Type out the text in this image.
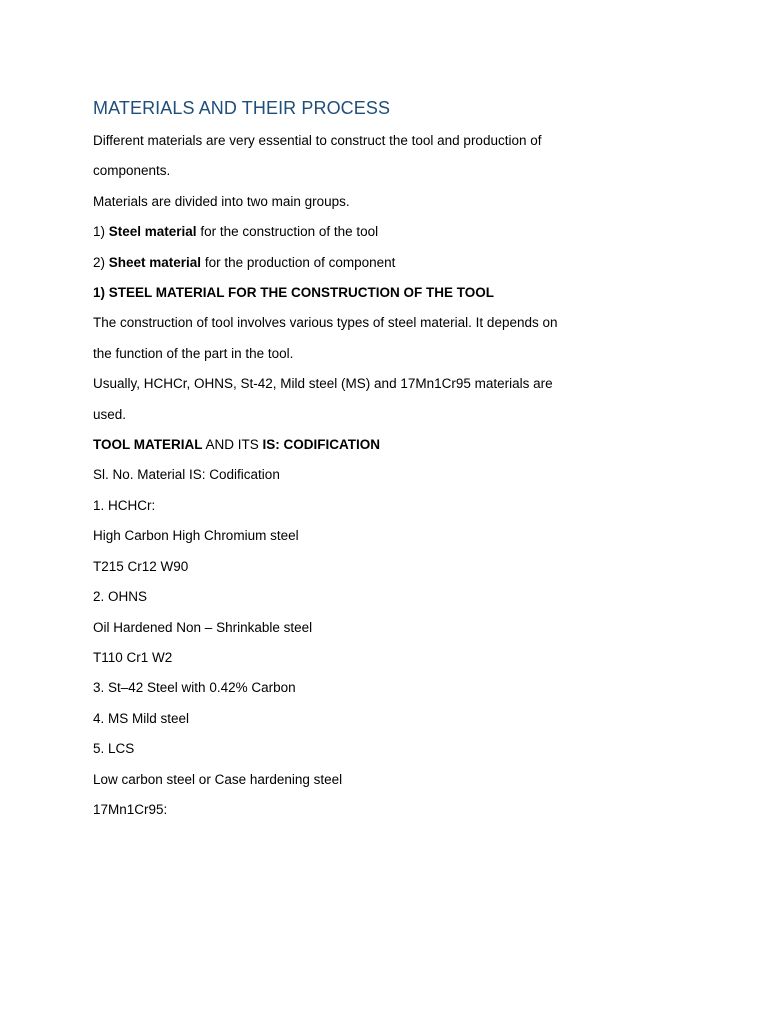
MATERIALS AND THEIR PROCESS
Different materials are very essential to construct the tool and production of
components.
Materials are divided into two main groups.
1) Steel material for the construction of the tool
2) Sheet material for the production of component
1) STEEL MATERIAL FOR THE CONSTRUCTION OF THE TOOL
The construction of tool involves various types of steel material. It depends on
the function of the part in the tool.
Usually, HCHCr, OHNS, St-42, Mild steel (MS) and 17Mn1Cr95 materials are
used.
TOOL MATERIAL AND ITS IS: CODIFICATION
Sl. No. Material IS: Codification
1. HCHCr:
High Carbon High Chromium steel
T215 Cr12 W90
2. OHNS
Oil Hardened Non – Shrinkable steel
T110 Cr1 W2
3. St–42 Steel with 0.42% Carbon
4. MS Mild steel
5. LCS
Low carbon steel or Case hardening steel
17Mn1Cr95:
